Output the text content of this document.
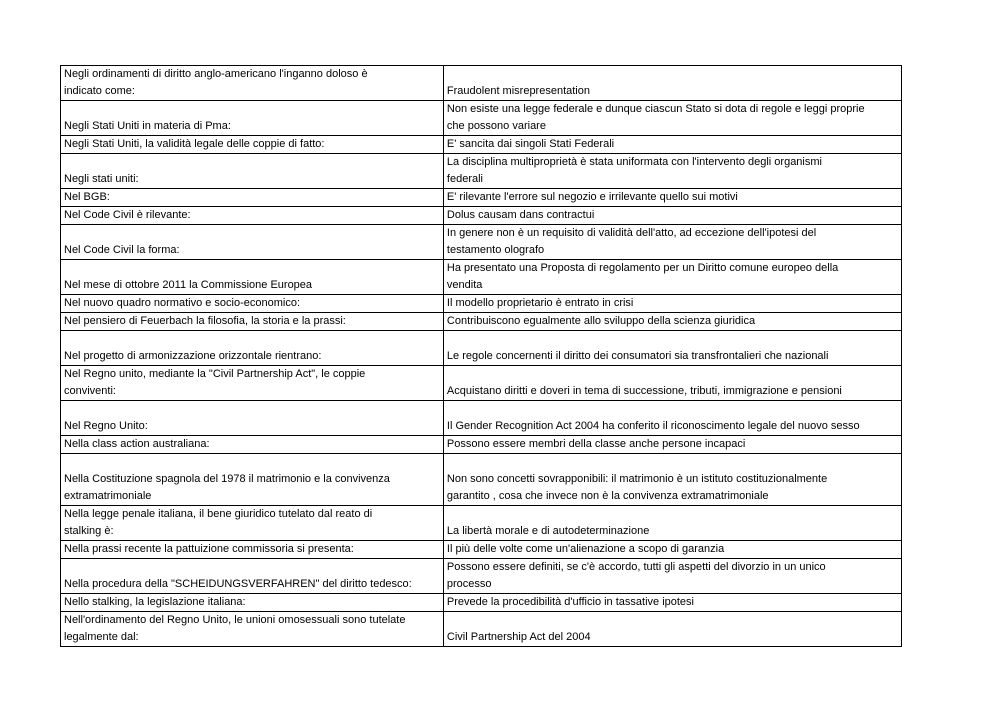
Negli ordinamenti di diritto anglo-americano l'inganno doloso è
indicato come:	Fraudolent misrepresentation

Negli Stati Uniti in materia di Pma:	Non esiste una legge federale e dunque ciascun Stato si dota di regole e leggi proprie
che possono variare

Negli Stati Uniti, la validità legale delle coppie di fatto:	E' sancita dai singoli Stati Federali

Negli stati uniti:	La disciplina multiproprietà è stata uniformata con l'intervento degli organismi
federali

Nel BGB:	E' rilevante l'errore sul negozio e irrilevante quello sui motivi

Nel Code Civil è rilevante:	Dolus causam dans contractui

Nel Code Civil la forma:	In genere non è un requisito di validità dell'atto, ad eccezione dell'ipotesi del
testamento olografo

Nel mese di ottobre 2011 la Commissione Europea	Ha presentato una Proposta di regolamento per un Diritto comune europeo della
vendita

Nel nuovo quadro normativo e socio-economico:	Il modello proprietario è entrato in crisi

Nel pensiero di Feuerbach la filosofia, la storia e la prassi:	Contribuiscono egualmente allo sviluppo della scienza giuridica

Nel progetto di armonizzazione orizzontale rientrano:	Le regole concernenti il diritto dei consumatori sia transfrontalieri che nazionali

Nel Regno unito, mediante la "Civil Partnership Act", le coppie
conviventi:	Acquistano diritti e doveri in tema di successione, tributi, immigrazione e pensioni

Nel Regno Unito:	Il Gender Recognition Act 2004 ha conferito il riconoscimento legale del nuovo sesso

Nella class action australiana:	Possono essere membri della classe anche persone incapaci

Nella Costituzione spagnola del 1978 il matrimonio e la convivenza
extramatrimoniale	Non sono concetti sovrapponibili: il matrimonio è un istituto costituzionalmente
garantito , cosa che invece non è la convivenza extramatrimoniale

Nella legge penale italiana, il bene giuridico tutelato dal reato di
stalking è:	La libertà morale e di autodeterminazione

Nella prassi recente la pattuizione commissoria si presenta:	Il più delle volte come un'alienazione a scopo di garanzia

Nella procedura della "SCHEIDUNGSVERFAHREN" del diritto tedesco:	Possono essere definiti, se c'è accordo, tutti gli aspetti del divorzio in un unico
processo

Nello stalking, la legislazione italiana:	Prevede la procedibilità d'ufficio in tassative ipotesi

Nell'ordinamento del Regno Unito, le unioni omosessuali sono tutelate
legalmente dal:	Civil Partnership Act del 2004
